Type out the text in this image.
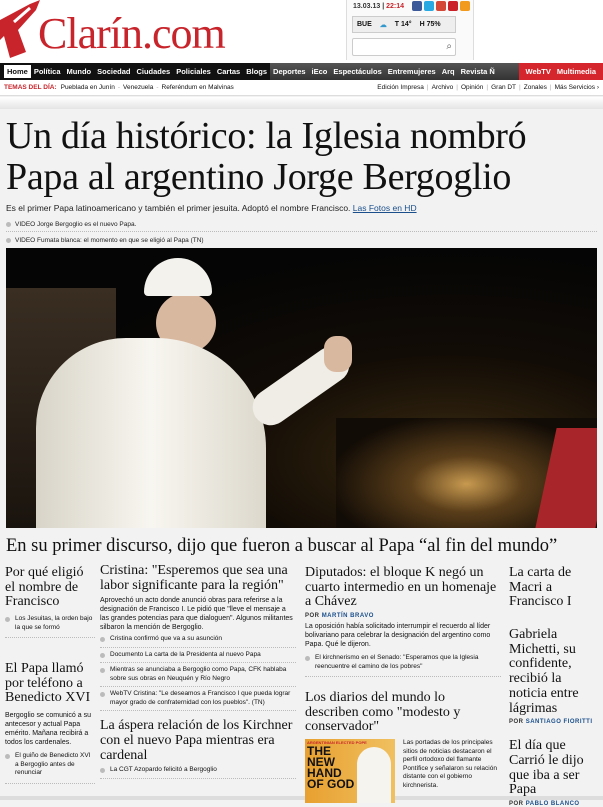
Clarín.com
13.03.13 | 22:14
BUE ☁ T 14° H 75%
⌕
Home Política Mundo Sociedad Ciudades Policiales Cartas Blogs Deportes iEco Espectáculos Entremujeres Arq Revista Ñ	WebTV Multimedia
TEMAS DEL DÍA: Pueblada en Junín - Venezuela - Referéndum en Malvinas	Edición Impresa | Archivo | Opinión | Gran DT | Zonales | Más Servicios ›
Un día histórico: la Iglesia nombró Papa al argentino Jorge Bergoglio
Es el primer Papa latinoamericano y también el primer jesuita. Adoptó el nombre Francisco. Las Fotos en HD
VIDEO Jorge Bergoglio es el nuevo Papa.
VIDEO Fumata blanca: el momento en que se eligió al Papa (TN)
En su primer discurso, dijo que fueron a buscar al Papa “al fin del mundo”
Por qué eligió el nombre de Francisco
Los Jesuitas, la orden bajo la que se formó
El Papa llamó por teléfono a Benedicto XVI
Bergoglio se comunicó a su antecesor y actual Papa emérito. Mañana recibirá a todos los cardenales.
El guiño de Benedicto XVI a Bergoglio antes de renunciar
Cristina: "Esperemos que sea una labor significante para la región"
Aprovechó un acto donde anunció obras para referirse a la designación de Francisco I. Le pidió que "lleve el mensaje a las grandes potencias para que dialoguen". Algunos militantes silbaron la mención de Bergoglio.
Cristina confirmó que va a su asunción
Documento La carta de la Presidenta al nuevo Papa
Mientras se anunciaba a Bergoglio como Papa, CFK hablaba sobre sus obras en Neuquén y Río Negro
WebTV Cristina: "Le deseamos a Francisco I que pueda lograr mayor grado de confraternidad con los pueblos". (TN)
La áspera relación de los Kirchner con el nuevo Papa mientras era cardenal
La CGT Azopardo felicitó a Bergoglio
Diputados: el bloque K negó un cuarto intermedio en un homenaje a Chávez
POR MARTÍN BRAVO
La oposición había solicitado interrumpir el recuerdo al líder bolivariano para celebrar la designación del argentino como Papa. Qué le dijeron.
El kirchnerismo en el Senado: "Esperamos que la Iglesia reencuentre el camino de los pobres"
Los diarios del mundo lo describen como "modesto y conservador"
ARGENTINIAN ELECTED POPE
THE NEW HAND OF GOD
Las portadas de los principales sitios de noticias destacaron el perfil ortodoxo del flamante Pontífice y señalaron su relación distante con el gobierno kirchnerista.
La carta de Macri a Francisco I
Gabriela Michetti, su confidente, recibió la noticia entre lágrimas
POR SANTIAGO FIORITTI
El día que Carrió le dijo que iba a ser Papa
POR PABLO BLANCO
